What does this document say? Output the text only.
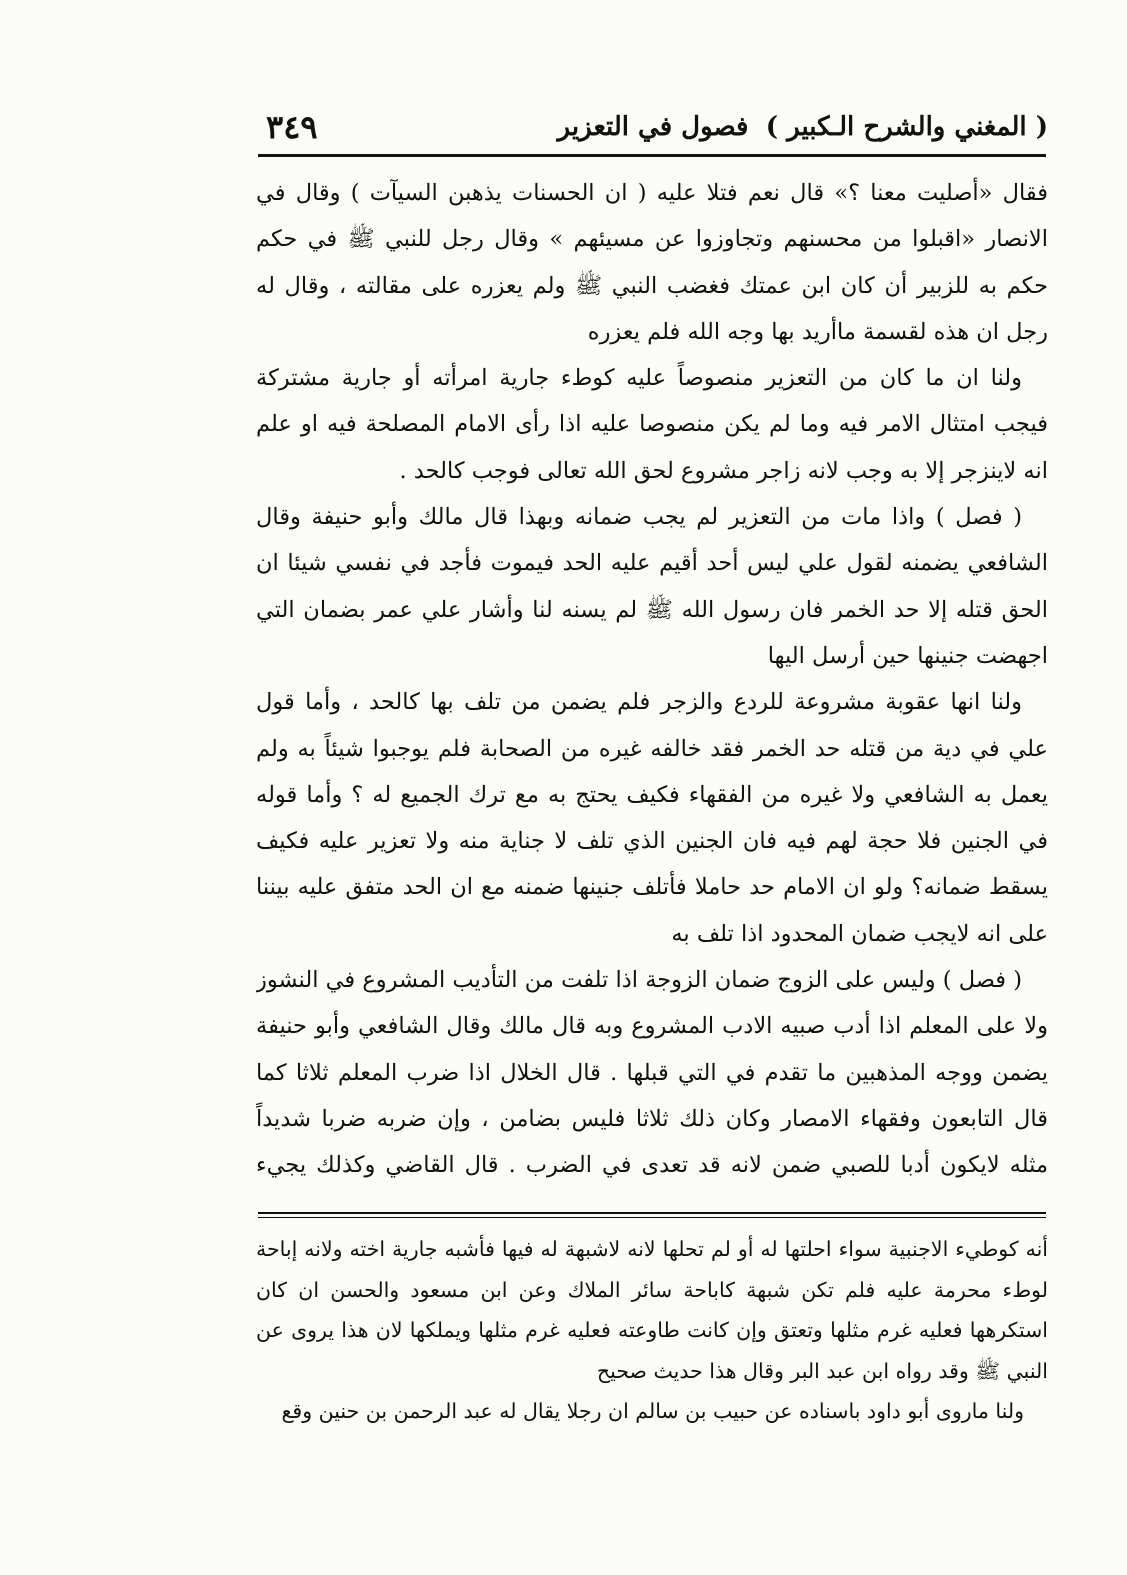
( المغني والشرح الـكبير )
فصول في التعزير
٣٤٩

فقال «أصليت معنا ؟» قال نعم فتلا عليه ( ان الحسنات يذهبن السيآت ) وقال في الانصار «اقبلوا من محسنهم وتجاوزوا عن مسيئهم » وقال رجل للنبي ﷺ في حكم حكم به للزبير أن كان ابن عمتك فغضب النبي ﷺ ولم يعزره على مقالته ، وقال له رجل ان هذه لقسمة ماأريد بها وجه الله فلم يعزره

ولنا ان ما كان من التعزير منصوصاً عليه كوطء جارية امرأته أو جارية مشتركة فيجب امتثال الامر فيه وما لم يكن منصوصا عليه اذا رأى الامام المصلحة فيه او علم انه لاينزجر إلا به وجب لانه زاجر مشروع لحق الله تعالى فوجب كالحد .

( فصل ) واذا مات من التعزير لم يجب ضمانه وبهذا قال مالك وأبو حنيفة وقال الشافعي يضمنه لقول علي ليس أحد أقيم عليه الحد فيموت فأجد في نفسي شيئا ان الحق قتله إلا حد الخمر فان رسول الله ﷺ لم يسنه لنا وأشار علي عمر بضمان التي اجهضت جنينها حين أرسل اليها

ولنا انها عقوبة مشروعة للردع والزجر فلم يضمن من تلف بها كالحد ، وأما قول علي في دية من قتله حد الخمر فقد خالفه غيره من الصحابة فلم يوجبوا شيئاً به ولم يعمل به الشافعي ولا غيره من الفقهاء فكيف يحتج به مع ترك الجميع له ؟ وأما قوله في الجنين فلا حجة لهم فيه فان الجنين الذي تلف لا جناية منه ولا تعزير عليه فكيف يسقط ضمانه؟ ولو ان الامام حد حاملا فأتلف جنينها ضمنه مع ان الحد متفق عليه بيننا على انه لايجب ضمان المحدود اذا تلف به

( فصل ) وليس على الزوج ضمان الزوجة اذا تلفت من التأديب المشروع في النشوز ولا على المعلم اذا أدب صبيه الادب المشروع وبه قال مالك وقال الشافعي وأبو حنيفة يضمن ووجه المذهبين ما تقدم في التي قبلها . قال الخلال اذا ضرب المعلم ثلاثا كما قال التابعون وفقهاء الامصار وكان ذلك ثلاثا فليس بضامن ، وإن ضربه ضربا شديداً مثله لايكون أدبا للصبي ضمن لانه قد تعدى في الضرب . قال القاضي وكذلك يجيء

أنه كوطيء الاجنبية سواء احلتها له أو لم تحلها لانه لاشبهة له فيها فأشبه جارية اخته ولانه إباحة لوطء محرمة عليه فلم تكن شبهة كاباحة سائر الملاك وعن ابن مسعود والحسن ان كان استكرهها فعليه غرم مثلها وتعتق وإن كانت طاوعته فعليه غرم مثلها ويملكها لان هذا يروى عن النبي ﷺ وقد رواه ابن عبد البر وقال هذا حديث صحيح

ولنا ماروى أبو داود باسناده عن حبيب بن سالم ان رجلا يقال له عبد الرحمن بن حنين وقع
